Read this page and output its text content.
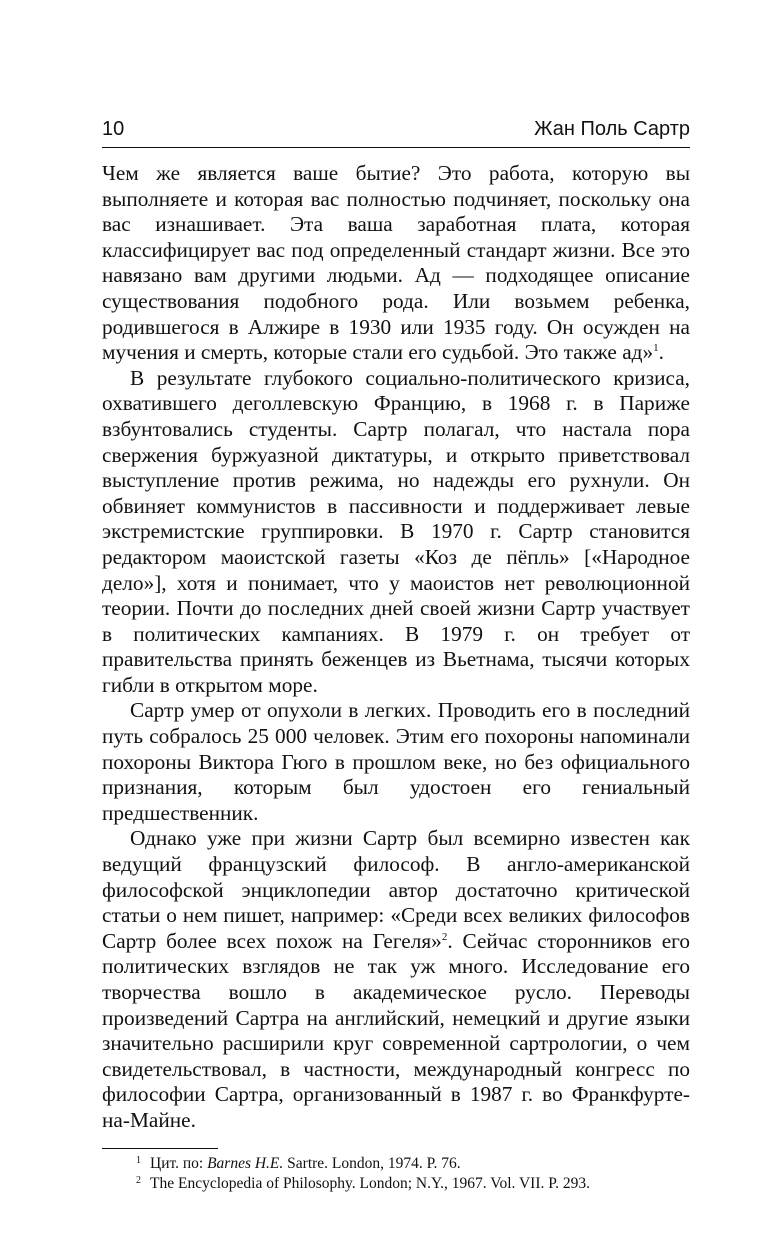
10	Жан Поль Сартр

Чем же является ваше бытие? Это работа, которую вы выполняете и которая вас полностью подчиняет, поскольку она вас изнашивает. Эта ваша заработная плата, которая классифицирует вас под определенный стандарт жизни. Все это навязано вам другими людьми. Ад — подходящее описание существования подобного рода. Или возьмем ребенка, родившегося в Алжире в 1930 или 1935 году. Он осужден на мучения и смерть, которые стали его судьбой. Это также ад»$^1$.

В результате глубокого социально-политического кризиса, охватившего деголлевскую Францию, в 1968 г. в Париже взбунтовались студенты. Сартр полагал, что настала пора свержения буржуазной диктатуры, и открыто приветствовал выступление против режима, но надежды его рухнули. Он обвиняет коммунистов в пассивности и поддерживает левые экстремистские группировки. В 1970 г. Сартр становится редактором маоистской газеты «Коз де пёпль» [«Народное дело»], хотя и понимает, что у маоистов нет революционной теории. Почти до последних дней своей жизни Сартр участвует в политических кампаниях. В 1979 г. он требует от правительства принять беженцев из Вьетнама, тысячи которых гибли в открытом море.

Сартр умер от опухоли в легких. Проводить его в последний путь собралось 25 000 человек. Этим его похороны напоминали похороны Виктора Гюго в прошлом веке, но без официального признания, которым был удостоен его гениальный предшественник.

Однако уже при жизни Сартр был всемирно известен как ведущий французский философ. В англо-американской философской энциклопедии автор достаточно критической статьи о нем пишет, например: «Среди всех великих философов Сартр более всех похож на Гегеля»$^2$. Сейчас сторонников его политических взглядов не так уж много. Исследование его творчества вошло в академическое русло. Переводы произведений Сартра на английский, немецкий и другие языки значительно расширили круг современной сартрологии, о чем свидетельствовал, в частности, международный конгресс по философии Сартра, организованный в 1987 г. во Франкфурте-на-Майне.

1 Цит. по: Barnes H.E. Sartre. London, 1974. P. 76.
2 The Encyclopedia of Philosophy. London; N.Y., 1967. Vol. VII. P. 293.
